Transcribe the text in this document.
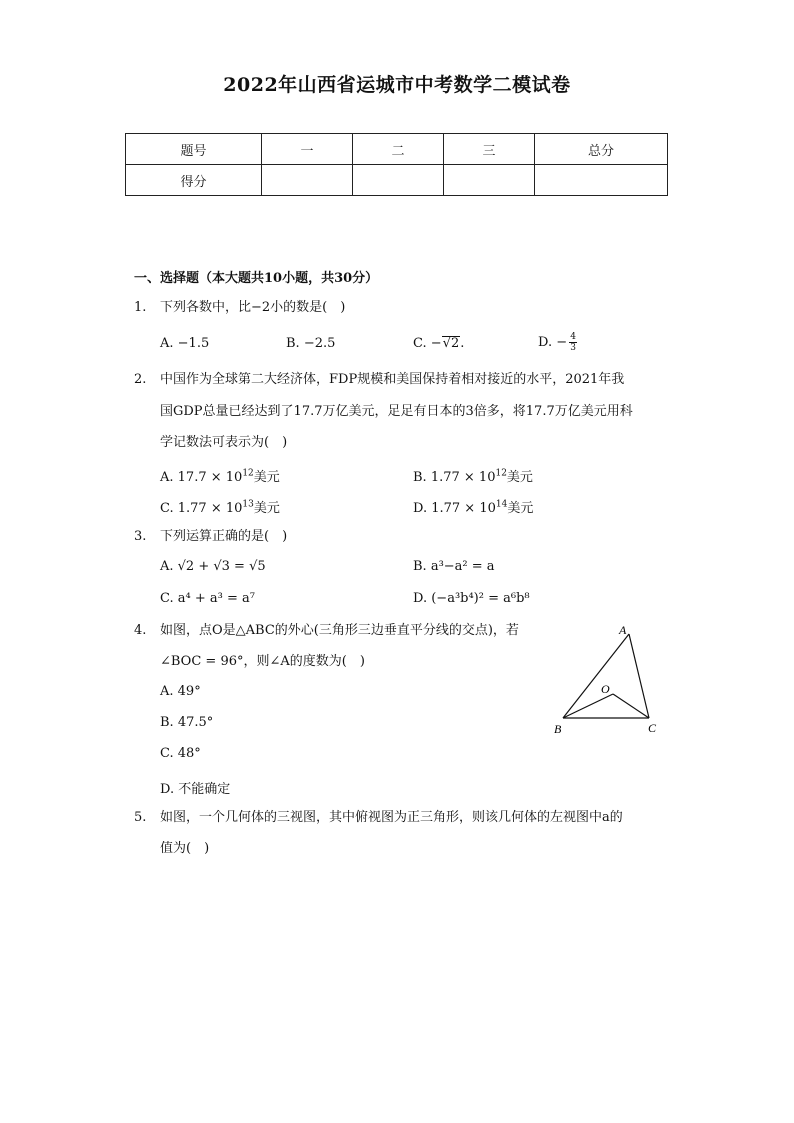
2022年山西省运城市中考数学二模试卷
题号	一	二	三	总分
得分				
一、选择题（本大题共10小题，共30分）
1. 下列各数中，比−2小的数是(　)
A. −1.5	B. −2.5	C. −√2.	D. − $\frac{4}{3}$
2. 中国作为全球第二大经济体，FDP规模和美国保持着相对接近的水平，2021年我
国GDP总量已经达到了17.7万亿美元，足足有日本的3倍多，将17.7万亿美元用科
学记数法可表示为(　)
A. $17.7 \times 10^{12}$美元	B. $1.77 \times 10^{12}$美元
C. $1.77 \times 10^{13}$美元	D. $1.77 \times 10^{14}$美元
3. 下列运算正确的是(　)
A. √2 + √3 = √5	B. a³−a² = a
C. a⁴ + a³ = a⁷	D. (−a³b⁴)² = a⁶b⁸
4. 如图，点O是△ABC的外心(三角形三边垂直平分线的交点)，若
∠BOC = 96°，则∠A的度数为(　)
A. 49°
B. 47.5°
C. 48°
D. 不能确定
A
B	C
O
5. 如图，一个几何体的三视图，其中俯视图为正三角形，则该几何体的左视图中a的
值为(　)
